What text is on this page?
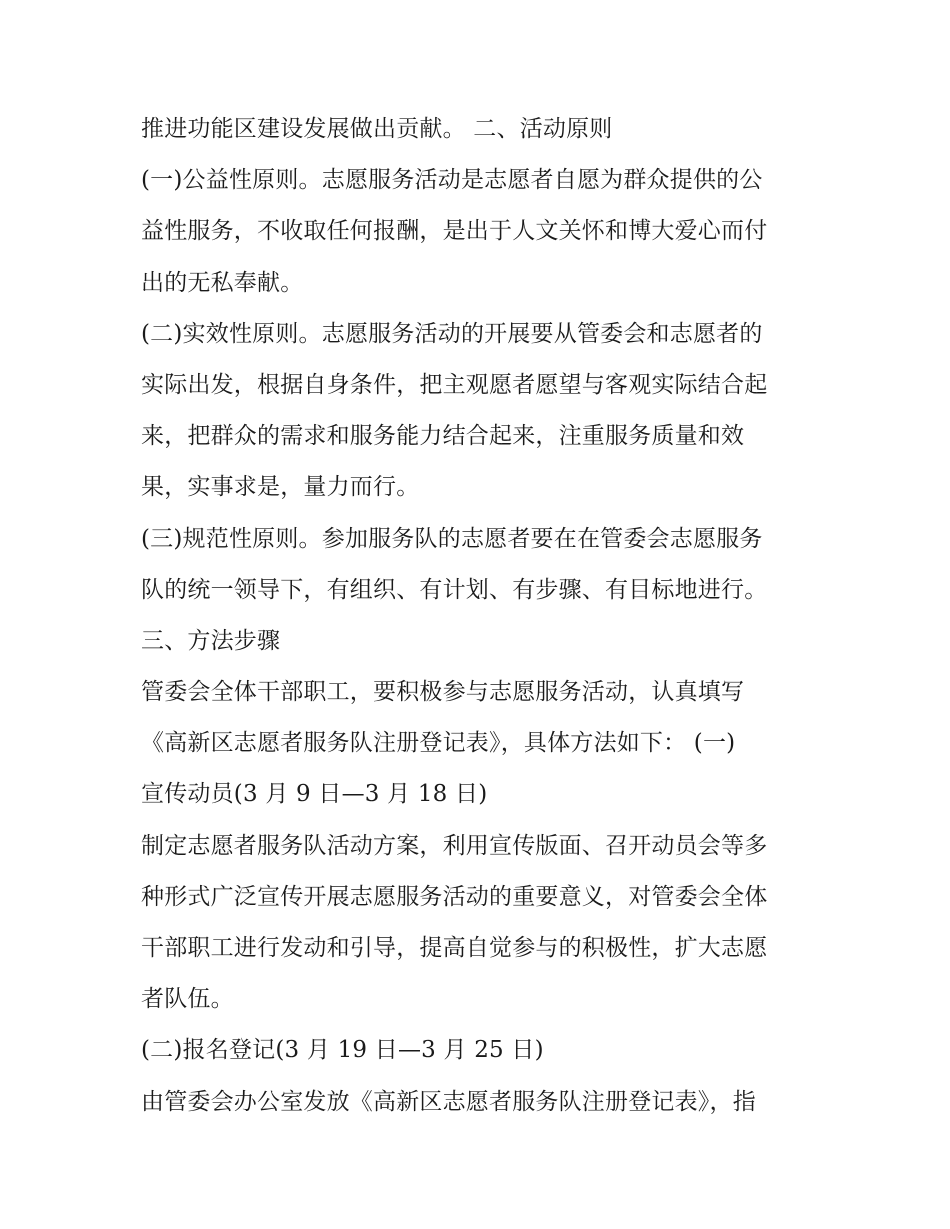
推进功能区建设发展做出贡献。 二、活动原则
(一)公益性原则。志愿服务活动是志愿者自愿为群众提供的公
益性服务，不收取任何报酬，是出于人文关怀和博大爱心而付
出的无私奉献。
(二)实效性原则。志愿服务活动的开展要从管委会和志愿者的
实际出发，根据自身条件，把主观愿者愿望与客观实际结合起
来，把群众的需求和服务能力结合起来，注重服务质量和效
果，实事求是，量力而行。
(三)规范性原则。参加服务队的志愿者要在在管委会志愿服务
队的统一领导下，有组织、有计划、有步骤、有目标地进行。
三、方法步骤
管委会全体干部职工，要积极参与志愿服务活动，认真填写
《高新区志愿者服务队注册登记表》，具体方法如下： (一)
宣传动员(3 月 9 日—3 月 18 日)
制定志愿者服务队活动方案，利用宣传版面、召开动员会等多
种形式广泛宣传开展志愿服务活动的重要意义，对管委会全体
干部职工进行发动和引导，提高自觉参与的积极性，扩大志愿
者队伍。
(二)报名登记(3 月 19 日—3 月 25 日)
由管委会办公室发放《高新区志愿者服务队注册登记表》，指
